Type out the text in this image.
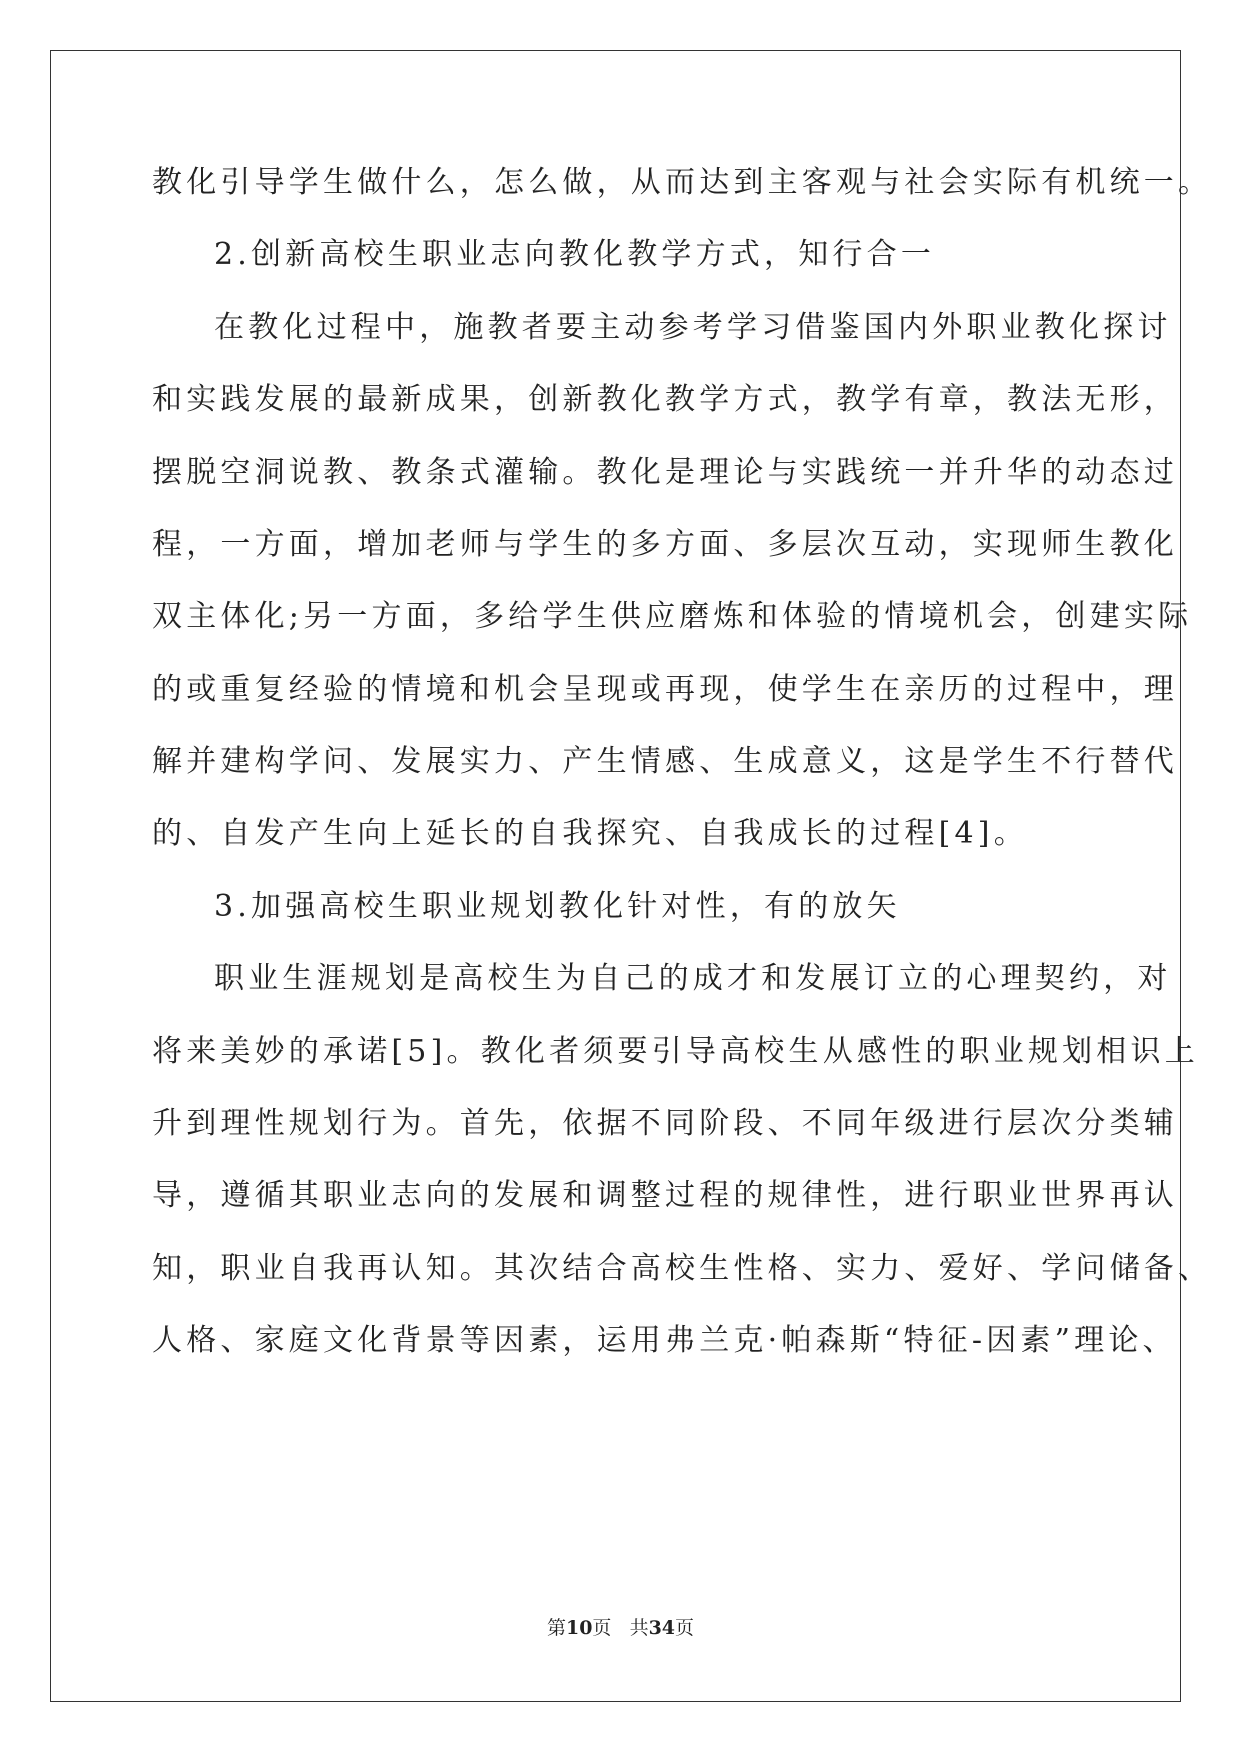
教化引导学生做什么，怎么做，从而达到主客观与社会实际有机统一。
2.创新高校生职业志向教化教学方式，知行合一
在教化过程中，施教者要主动参考学习借鉴国内外职业教化探讨
和实践发展的最新成果，创新教化教学方式，教学有章，教法无形，
摆脱空洞说教、教条式灌输。教化是理论与实践统一并升华的动态过
程，一方面，增加老师与学生的多方面、多层次互动，实现师生教化
双主体化;另一方面，多给学生供应磨炼和体验的情境机会，创建实际
的或重复经验的情境和机会呈现或再现，使学生在亲历的过程中，理
解并建构学问、发展实力、产生情感、生成意义，这是学生不行替代
的、自发产生向上延长的自我探究、自我成长的过程[4]。
3.加强高校生职业规划教化针对性，有的放矢
职业生涯规划是高校生为自己的成才和发展订立的心理契约，对
将来美妙的承诺[5]。教化者须要引导高校生从感性的职业规划相识上
升到理性规划行为。首先，依据不同阶段、不同年级进行层次分类辅
导，遵循其职业志向的发展和调整过程的规律性，进行职业世界再认
知，职业自我再认知。其次结合高校生性格、实力、爱好、学问储备、
人格、家庭文化背景等因素，运用弗兰克·帕森斯“特征-因素”理论、
第10页 共34页
